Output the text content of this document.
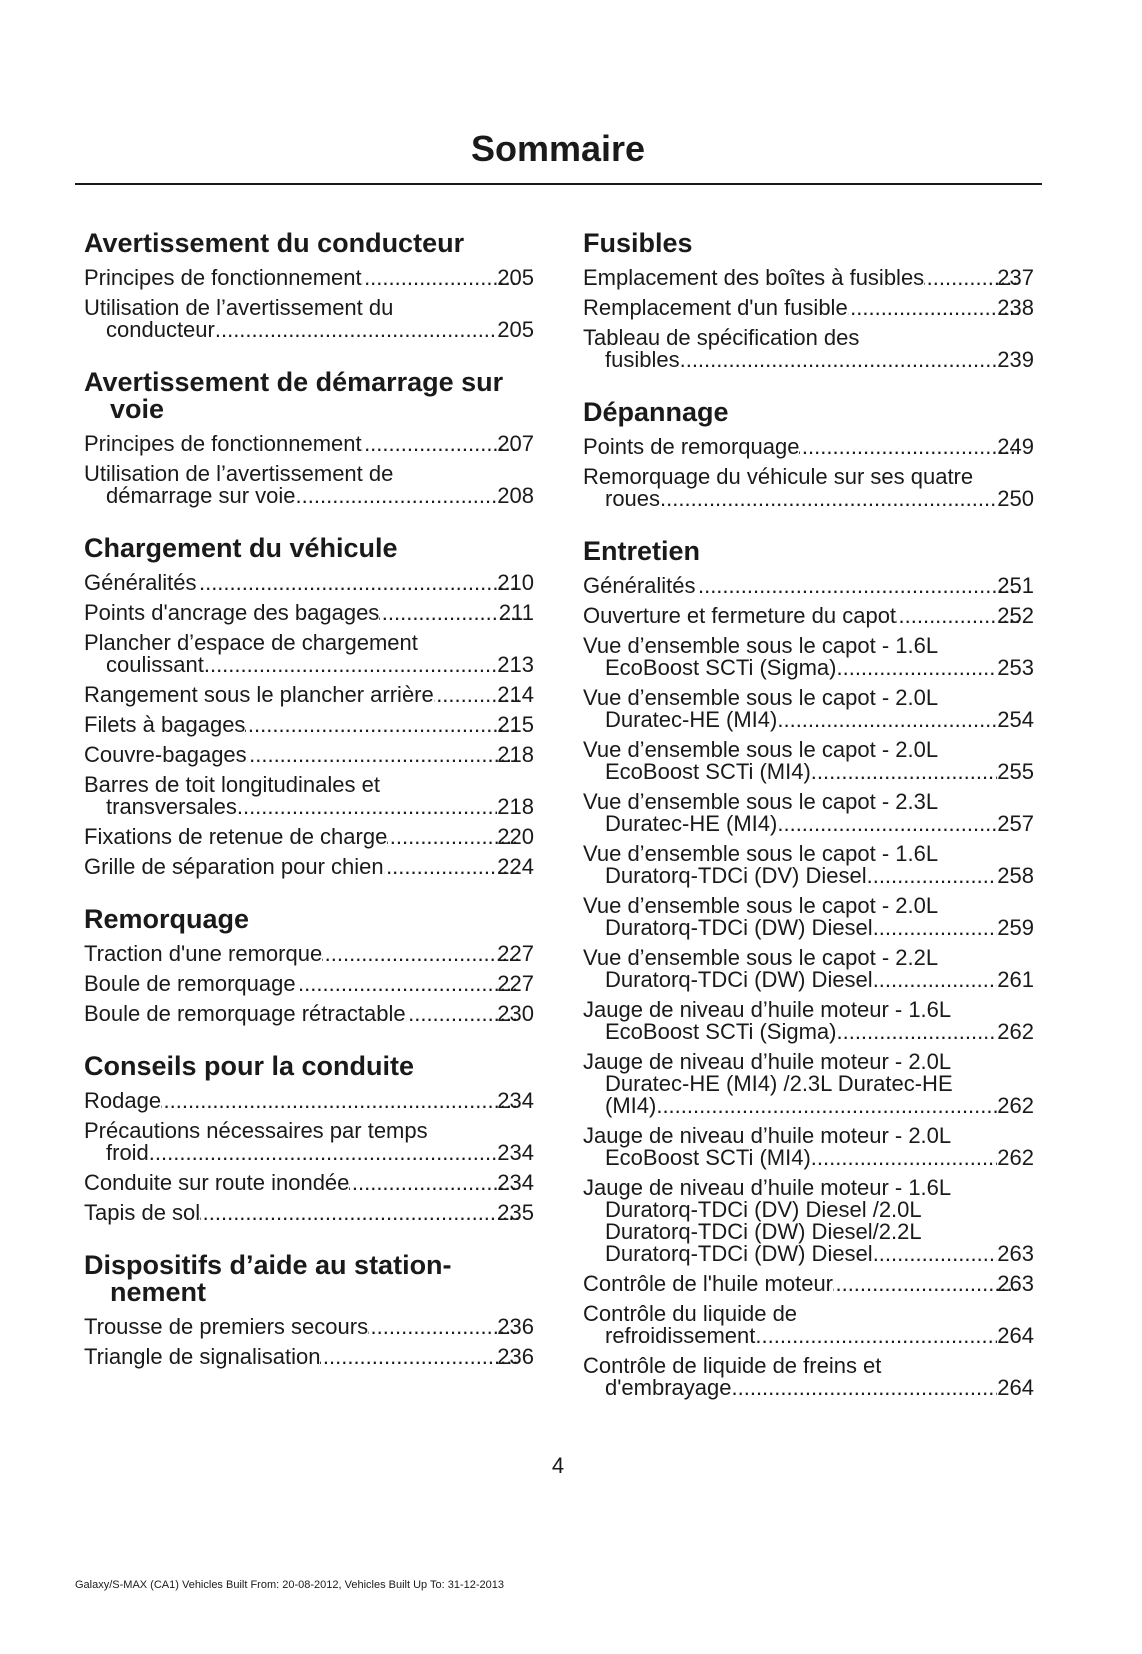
Sommaire
Avertissement du conducteur
Principes de fonctionnement .....	205
Utilisation de l’avertissement du
conducteur .....	205
Avertissement de démarrage sur voie
Principes de fonctionnement .....	207
Utilisation de l’avertissement de
démarrage sur voie .....	208
Chargement du véhicule
Généralités .....	210
Points d'ancrage des bagages .....	211
Plancher d’espace de chargement
coulissant .....	213
Rangement sous le plancher arrière .....	214
Filets à bagages .....	215
Couvre-bagages .....	218
Barres de toit longitudinales et
transversales .....	218
Fixations de retenue de charge .....	220
Grille de séparation pour chien .....	224
Remorquage
Traction d'une remorque .....	227
Boule de remorquage .....	227
Boule de remorquage rétractable .....	230
Conseils pour la conduite
Rodage .....	234
Précautions nécessaires par temps
froid .....	234
Conduite sur route inondée .....	234
Tapis de sol .....	235
Dispositifs d’aide au station- nement
Trousse de premiers secours .....	236
Triangle de signalisation .....	236
Fusibles
Emplacement des boîtes à fusibles .....	237
Remplacement d'un fusible .....	238
Tableau de spécification des
fusibles .....	239
Dépannage
Points de remorquage .....	249
Remorquage du véhicule sur ses quatre
roues .....	250
Entretien
Généralités .....	251
Ouverture et fermeture du capot .....	252
Vue d’ensemble sous le capot - 1.6L
EcoBoost SCTi (Sigma) .....	253
Vue d’ensemble sous le capot - 2.0L
Duratec-HE (MI4) .....	254
Vue d’ensemble sous le capot - 2.0L
EcoBoost SCTi (MI4) .....	255
Vue d’ensemble sous le capot - 2.3L
Duratec-HE (MI4) .....	257
Vue d’ensemble sous le capot - 1.6L
Duratorq-TDCi (DV) Diesel .....	258
Vue d’ensemble sous le capot - 2.0L
Duratorq-TDCi (DW) Diesel .....	259
Vue d’ensemble sous le capot - 2.2L
Duratorq-TDCi (DW) Diesel .....	261
Jauge de niveau d’huile moteur - 1.6L
EcoBoost SCTi (Sigma) .....	262
Jauge de niveau d’huile moteur - 2.0L
Duratec-HE (MI4) /2.3L Duratec-HE
(MI4) .....	262
Jauge de niveau d’huile moteur - 2.0L
EcoBoost SCTi (MI4) .....	262
Jauge de niveau d’huile moteur - 1.6L
Duratorq-TDCi (DV) Diesel /2.0L
Duratorq-TDCi (DW) Diesel/2.2L
Duratorq-TDCi (DW) Diesel .....	263
Contrôle de l'huile moteur .....	263
Contrôle du liquide de
refroidissement .....	264
Contrôle de liquide de freins et
d'embrayage .....	264
4
Galaxy/S-MAX (CA1) Vehicles Built From: 20-08-2012, Vehicles Built Up To: 31-12-2013
